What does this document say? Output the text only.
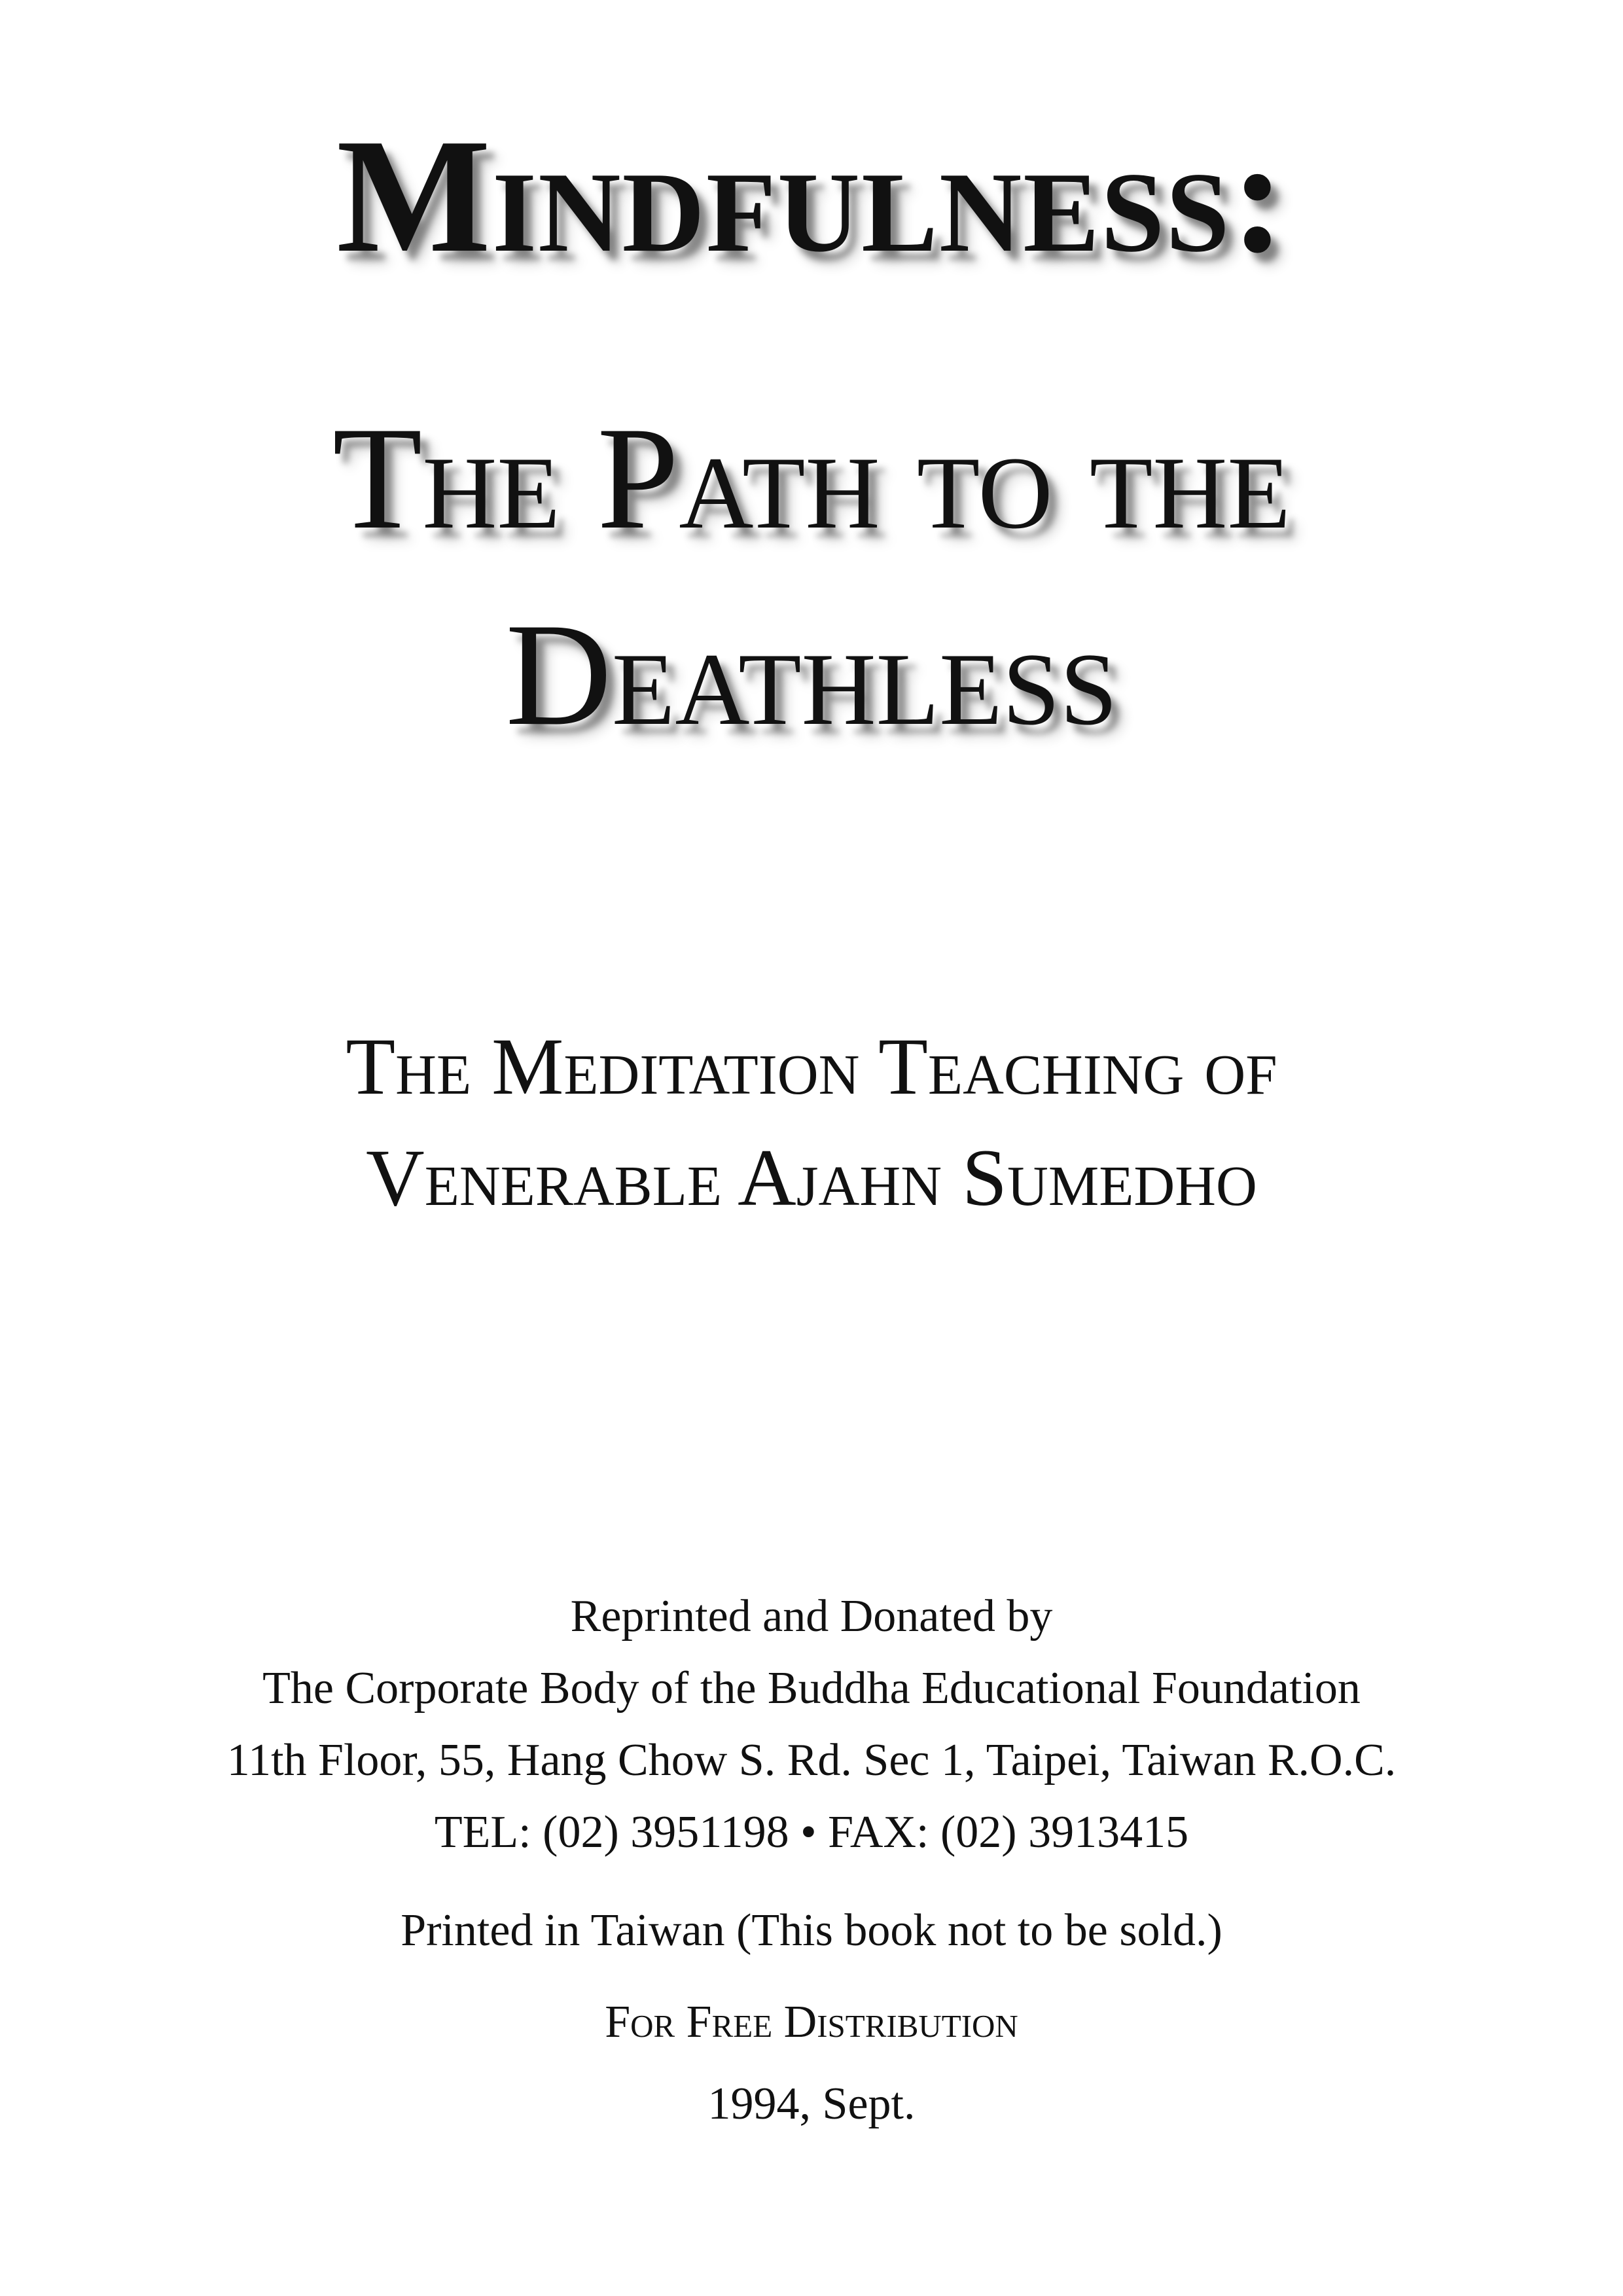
Mindfulness:
The Path to the
Deathless
The Meditation Teaching of
Venerable Ajahn Sumedho
Reprinted and Donated by
The Corporate Body of the Buddha Educational Foundation
11th Floor, 55, Hang Chow S. Rd. Sec 1, Taipei, Taiwan R.O.C.
TEL: (02) 3951198 • FAX: (02) 3913415
Printed in Taiwan (This book not to be sold.)
For Free Distribution
1994, Sept.
